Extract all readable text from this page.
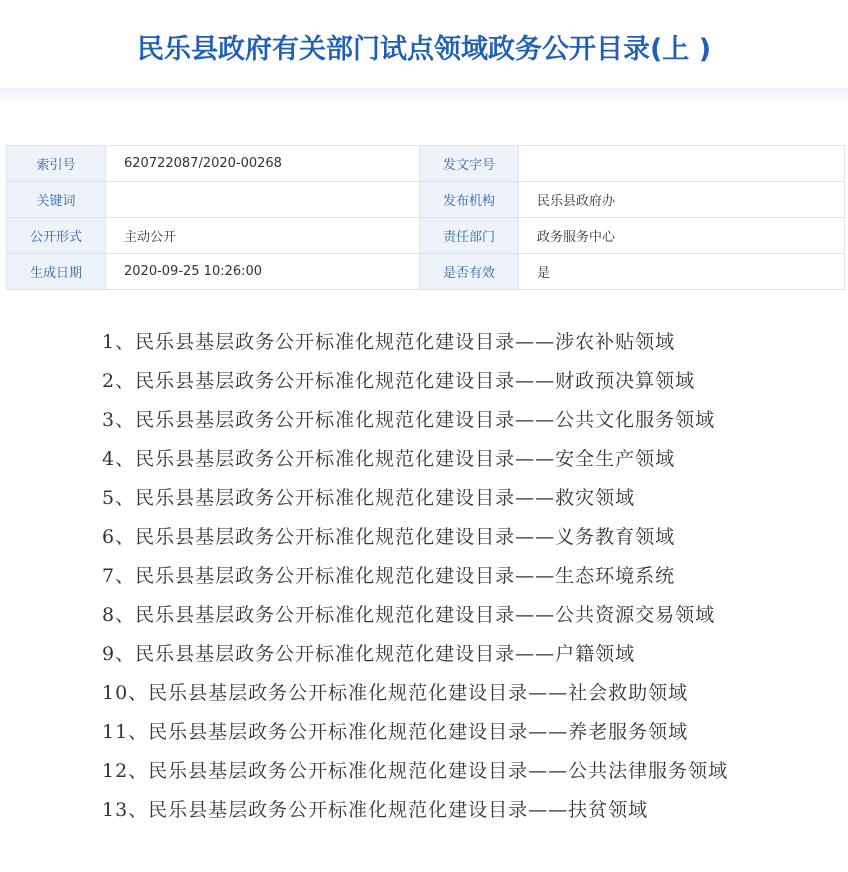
民乐县政府有关部门试点领域政务公开目录(上 )
索引号	620722087/2020-00268	发文字号	
关键词		发布机构	民乐县政府办
公开形式	主动公开	责任部门	政务服务中心
生成日期	2020-09-25 10:26:00	是否有效	是
1、民乐县基层政务公开标准化规范化建设目录——涉农补贴领域
2、民乐县基层政务公开标准化规范化建设目录——财政预决算领域
3、民乐县基层政务公开标准化规范化建设目录——公共文化服务领域
4、民乐县基层政务公开标准化规范化建设目录——安全生产领域
5、民乐县基层政务公开标准化规范化建设目录——救灾领域
6、民乐县基层政务公开标准化规范化建设目录——义务教育领域
7、民乐县基层政务公开标准化规范化建设目录——生态环境系统
8、民乐县基层政务公开标准化规范化建设目录——公共资源交易领域
9、民乐县基层政务公开标准化规范化建设目录——户籍领域
10、民乐县基层政务公开标准化规范化建设目录——社会救助领域
11、民乐县基层政务公开标准化规范化建设目录——养老服务领域
12、民乐县基层政务公开标准化规范化建设目录——公共法律服务领域
13、民乐县基层政务公开标准化规范化建设目录——扶贫领域
